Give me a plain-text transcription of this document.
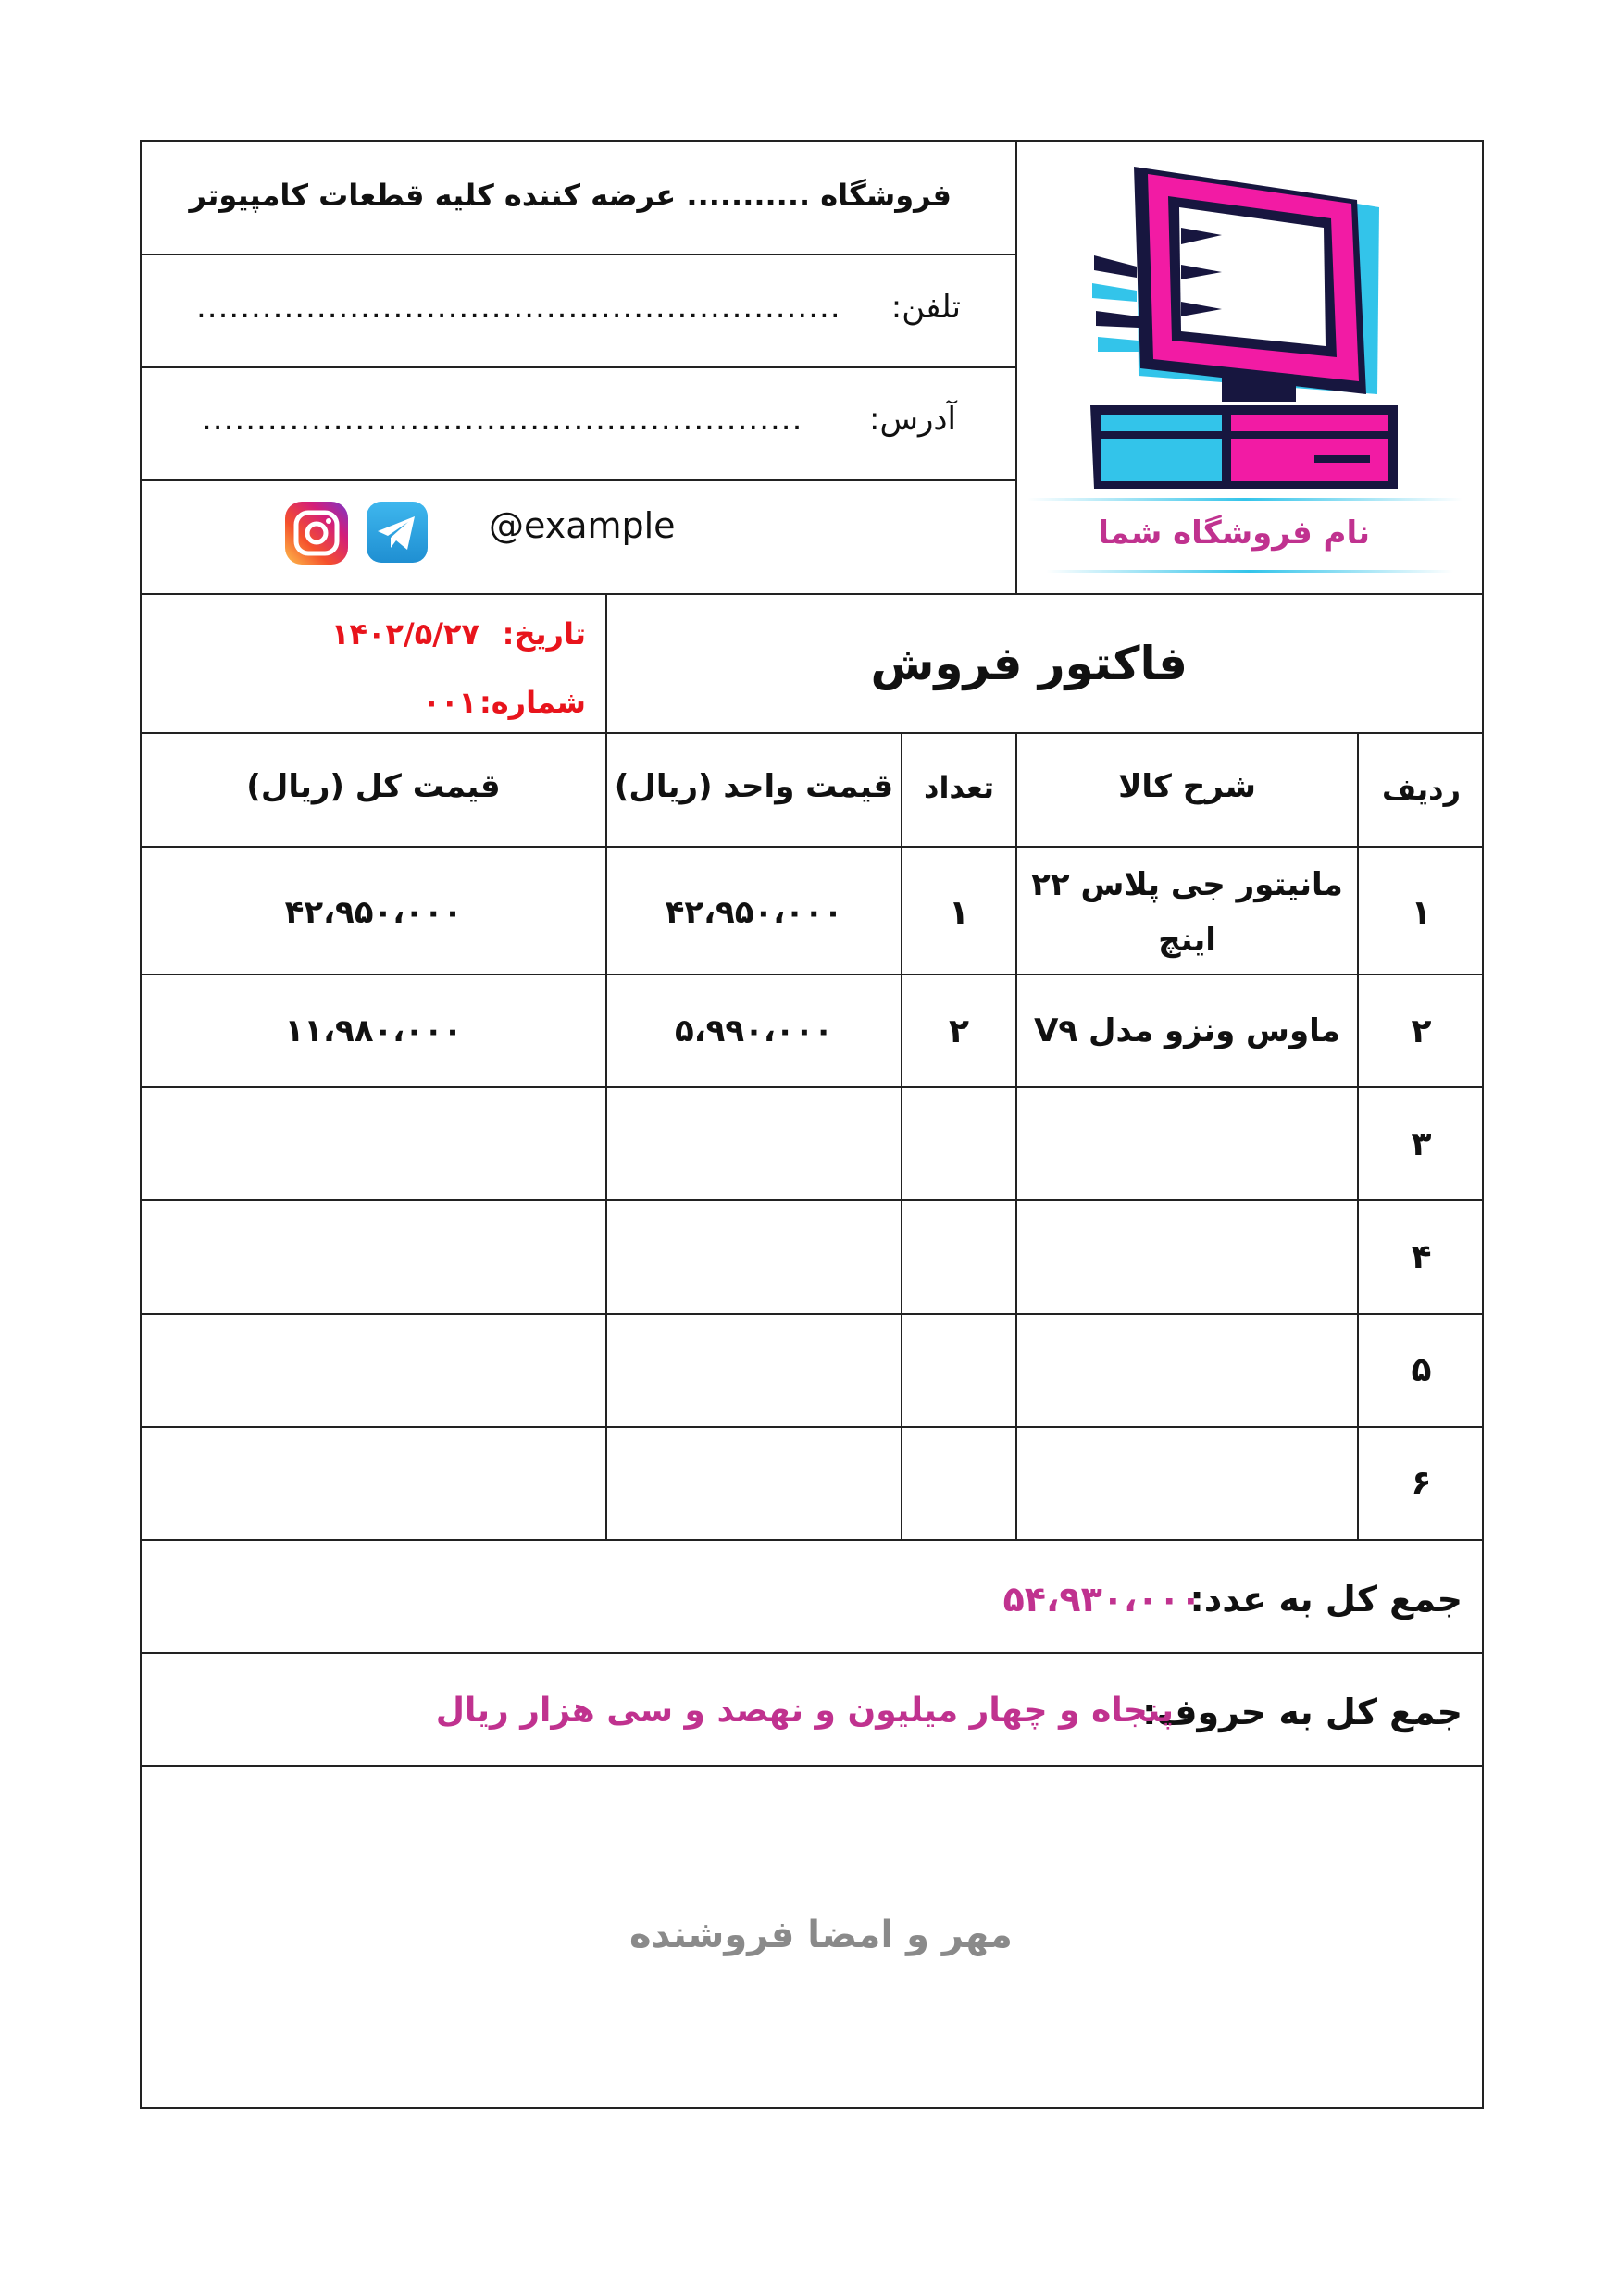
فروشگاه ........... عرضه کننده کلیه قطعات کامپیوتر
تلفن:
...........................................................
آدرس:
.......................................................
@example	نام فروشگاه شما
فاکتور فروش
تاریخ:
۱۴۰۲/۵/۲۷
شماره:
۰۰۱
ردیف
شرح کالا
تعداد
قیمت واحد (ریال)
قیمت کل (ریال)
۱
مانیتور جی پلاس ۲۲
اینچ
۱
۴۲،۹۵۰،۰۰۰
۴۲،۹۵۰،۰۰۰
۲
ماوس ونزو مدل V۹
۲
۵،۹۹۰،۰۰۰
۱۱،۹۸۰،۰۰۰
۳
۴
۵
۶
جمع کل به عدد:
۵۴،۹۳۰،۰۰۰
جمع کل به حروف:
پنجاه و چهار میلیون و نهصد و سی هزار ریال
مهر و امضا فروشنده
